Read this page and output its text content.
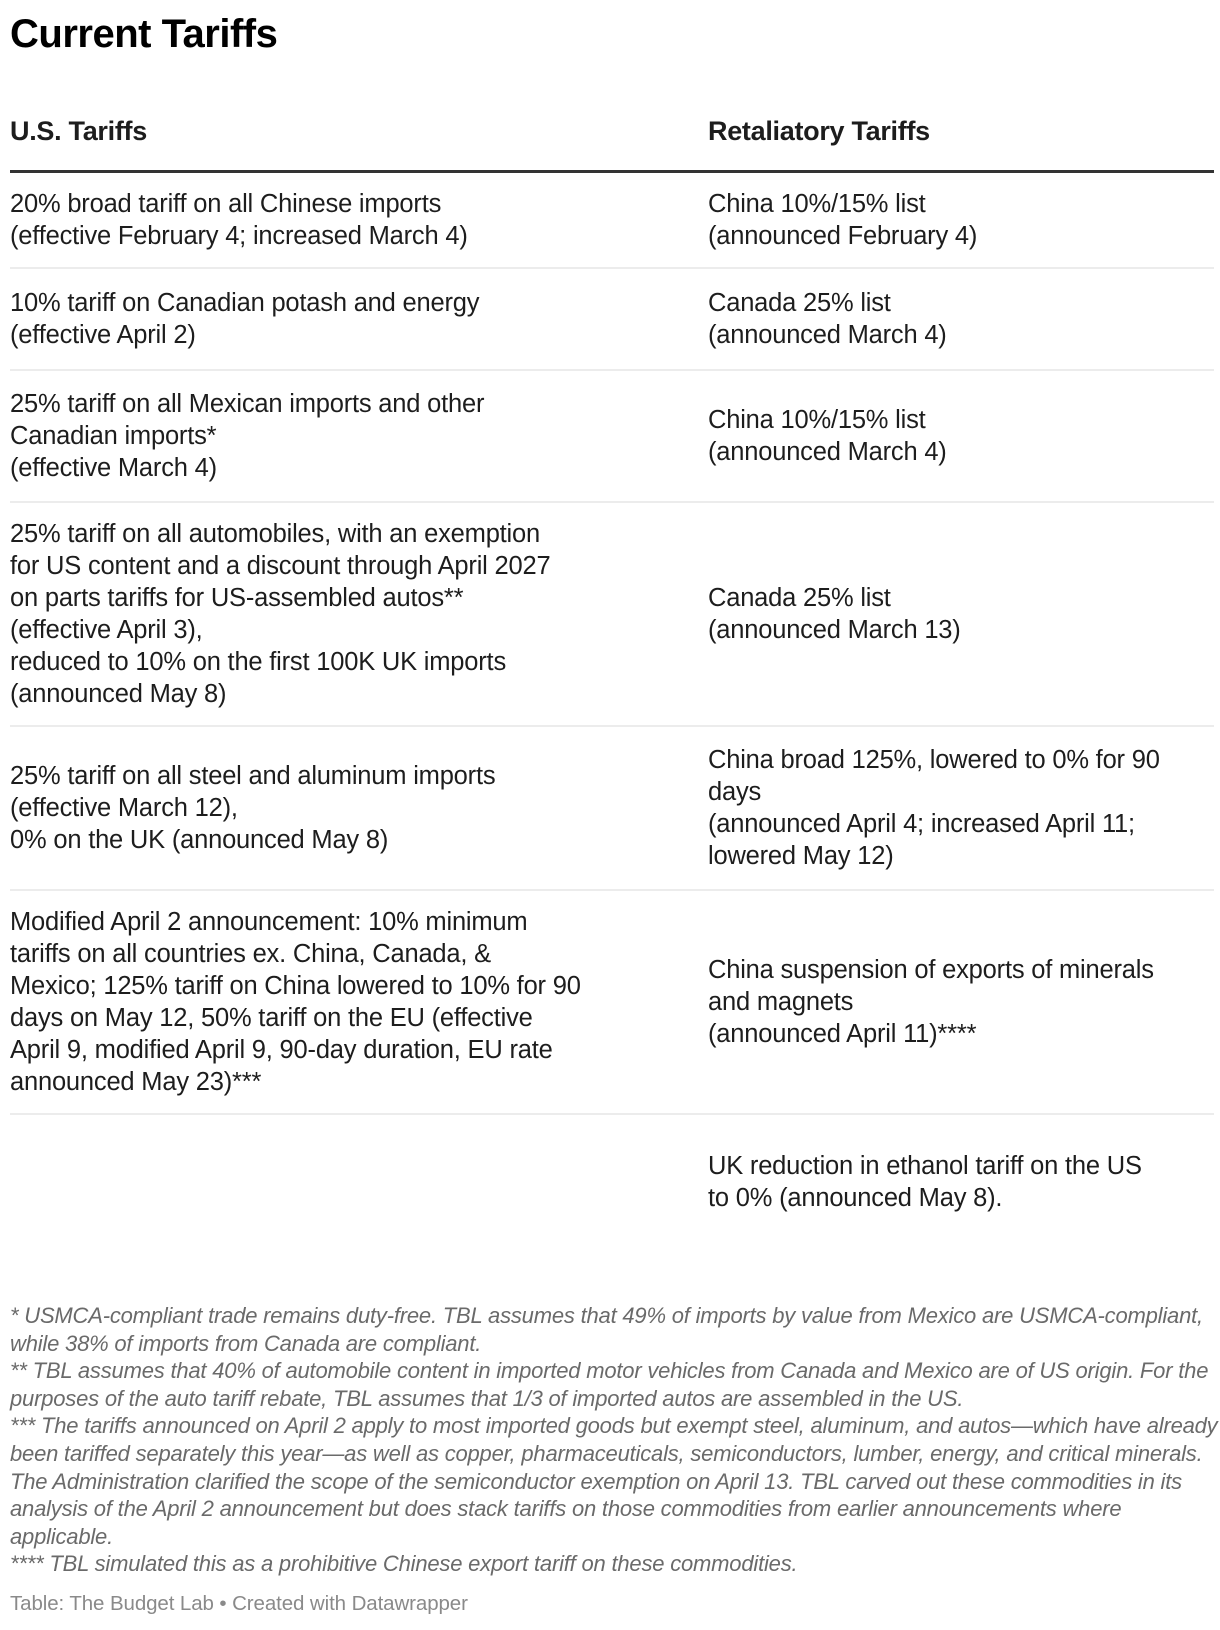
Current Tariffs
U.S. Tariffs	Retaliatory Tariffs
20% broad tariff on all Chinese imports
(effective February 4; increased March 4)
China 10%/15% list
(announced February 4)
10% tariff on Canadian potash and energy
(effective April 2)
Canada 25% list
(announced March 4)
25% tariff on all Mexican imports and other
Canadian imports*
(effective March 4)
China 10%/15% list
(announced March 4)
25% tariff on all automobiles, with an exemption
for US content and a discount through April 2027
on parts tariffs for US-assembled autos**
(effective April 3),
reduced to 10% on the first 100K UK imports
(announced May 8)
Canada 25% list
(announced March 13)
25% tariff on all steel and aluminum imports
(effective March 12),
0% on the UK (announced May 8)
China broad 125%, lowered to 0% for 90
days
(announced April 4; increased April 11;
lowered May 12)
Modified April 2 announcement: 10% minimum
tariffs on all countries ex. China, Canada, &
Mexico; 125% tariff on China lowered to 10% for 90
days on May 12, 50% tariff on the EU (effective
April 9, modified April 9, 90-day duration, EU rate
announced May 23)***
China suspension of exports of minerals
and magnets
(announced April 11)****
UK reduction in ethanol tariff on the US
to 0% (announced May 8).
* USMCA-compliant trade remains duty-free. TBL assumes that 49% of imports by value from Mexico are USMCA-compliant, while 38% of imports from Canada are compliant.
** TBL assumes that 40% of automobile content in imported motor vehicles from Canada and Mexico are of US origin. For the purposes of the auto tariff rebate, TBL assumes that 1/3 of imported autos are assembled in the US.
*** The tariffs announced on April 2 apply to most imported goods but exempt steel, aluminum, and autos—which have already been tariffed separately this year—as well as copper, pharmaceuticals, semiconductors, lumber, energy, and critical minerals. The Administration clarified the scope of the semiconductor exemption on April 13. TBL carved out these commodities in its analysis of the April 2 announcement but does stack tariffs on those commodities from earlier announcements where applicable.
**** TBL simulated this as a prohibitive Chinese export tariff on these commodities.
Table: The Budget Lab • Created with Datawrapper
